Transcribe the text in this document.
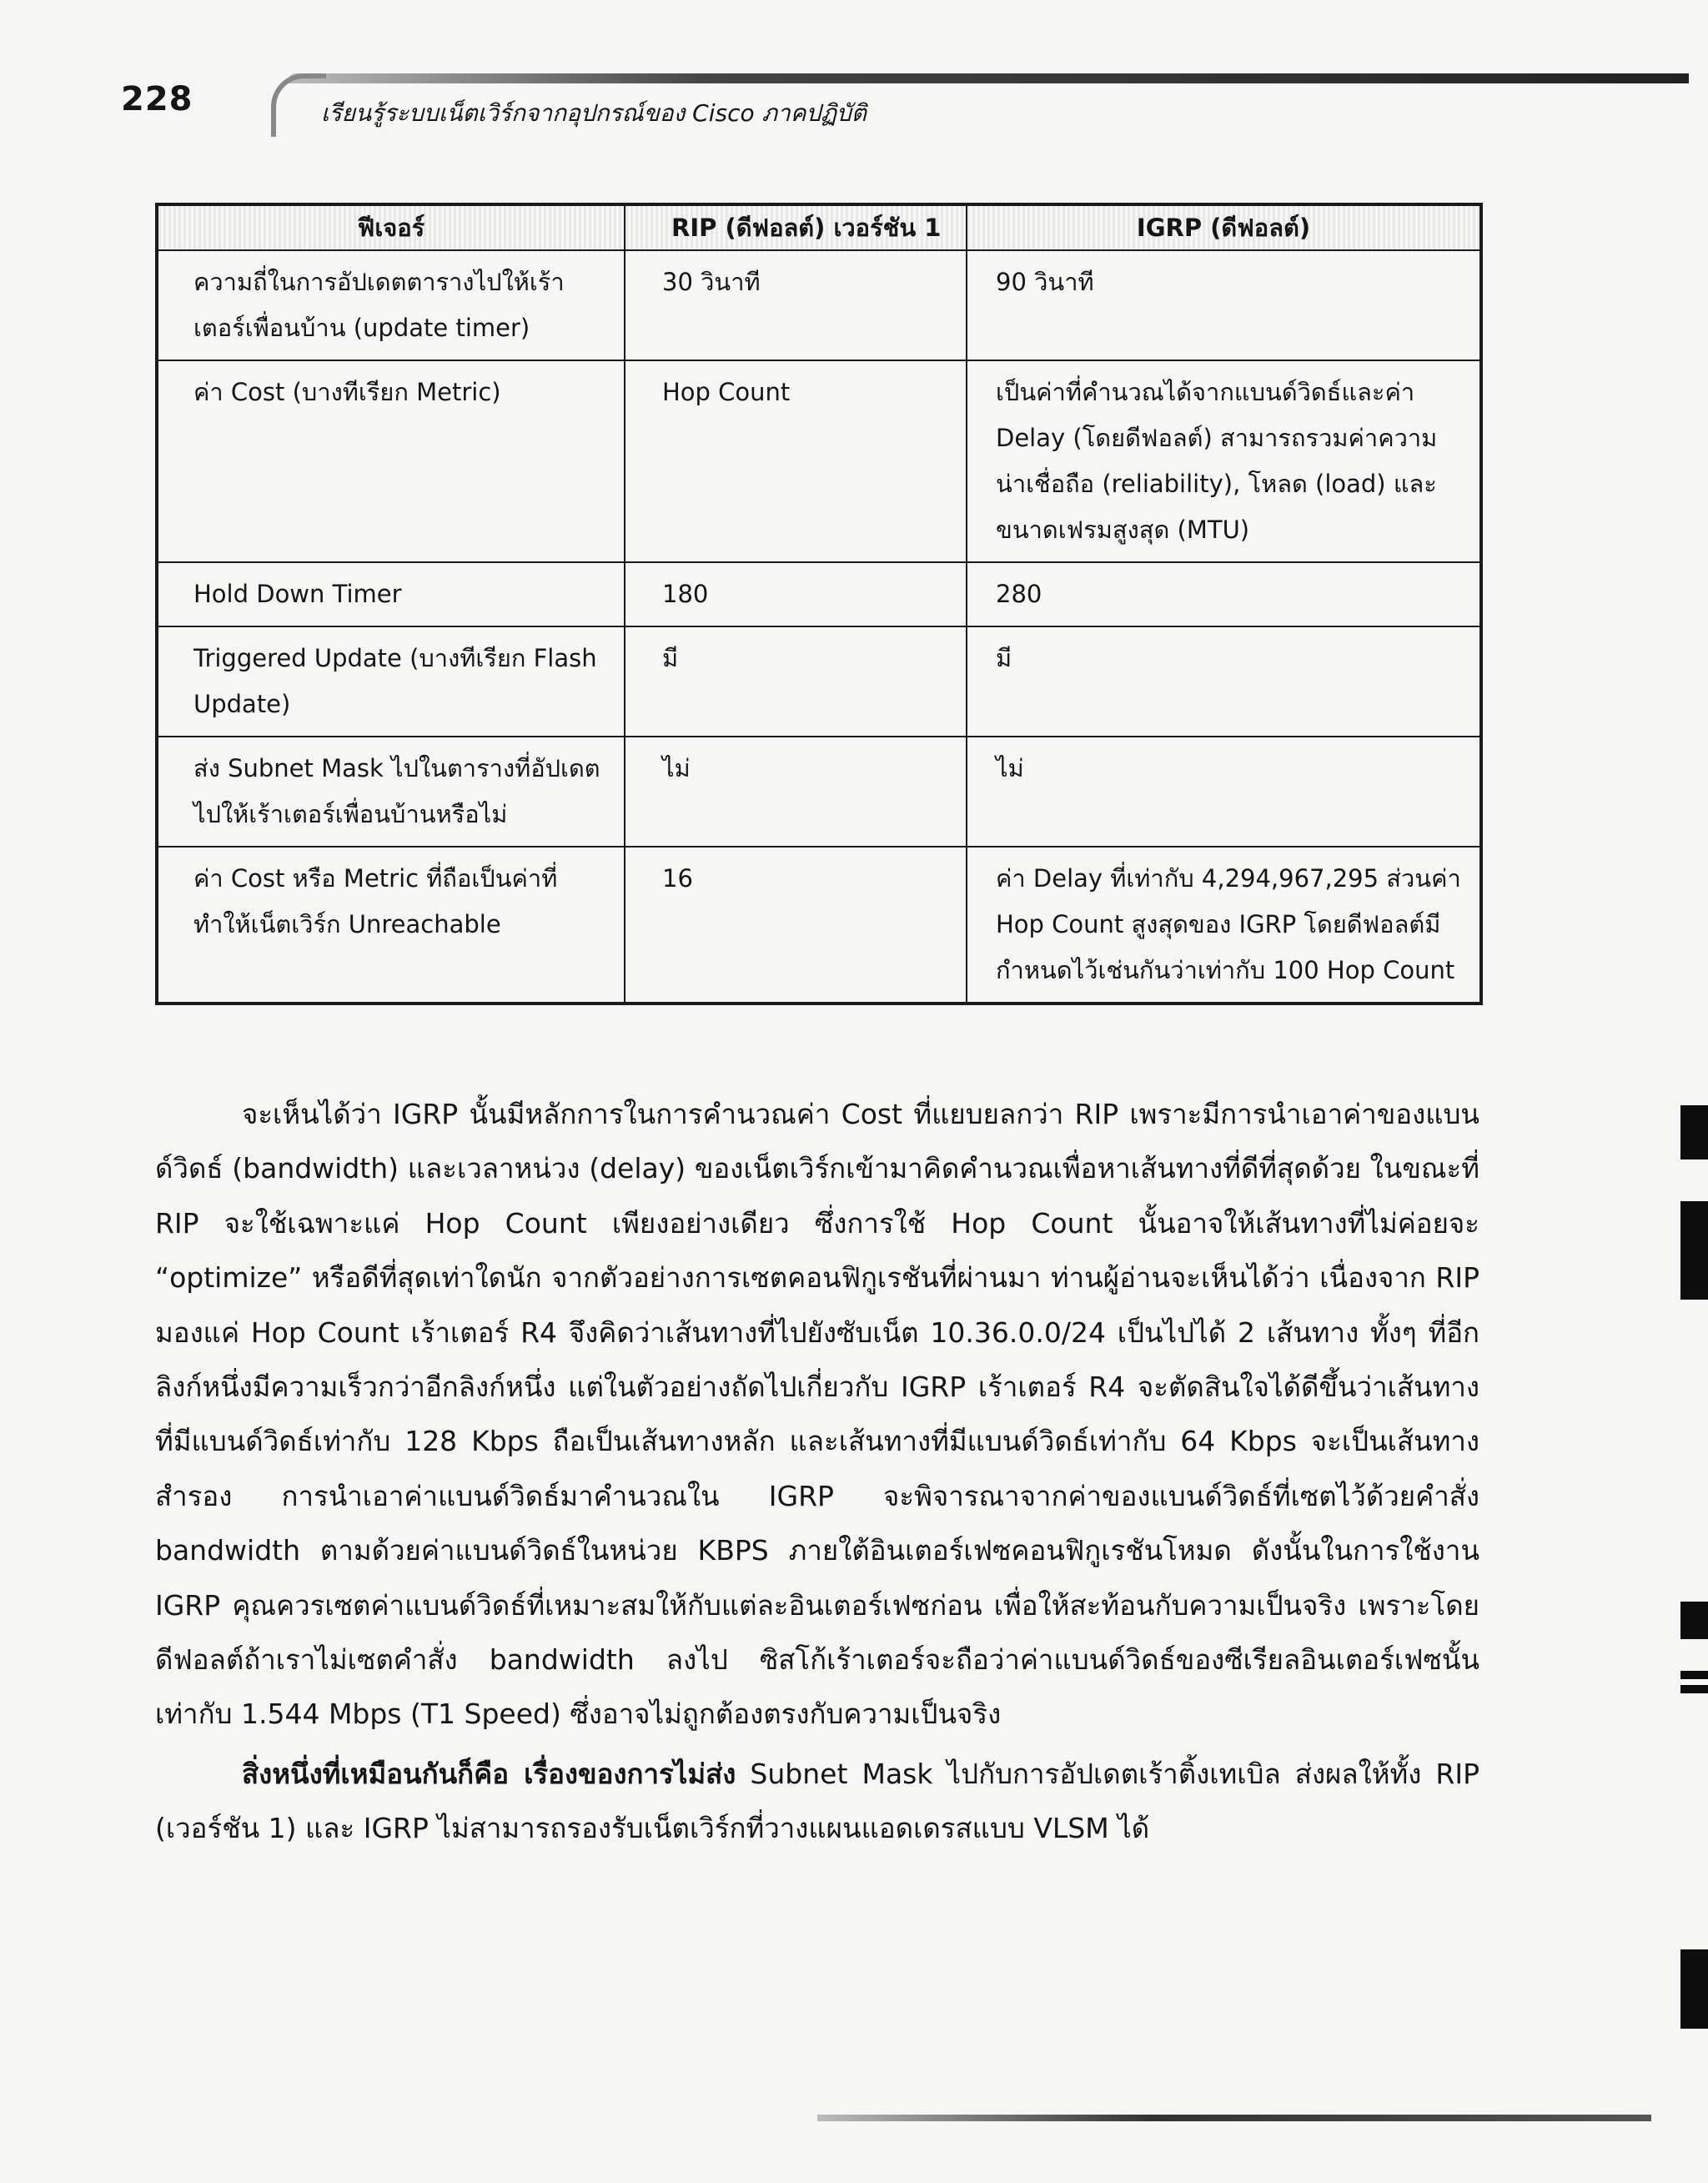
228	เรียนรู้ระบบเน็ตเวิร์กจากอุปกรณ์ของ Cisco ภาคปฏิบัติ
ฟีเจอร์	RIP (ดีฟอลต์) เวอร์ชัน 1	IGRP (ดีฟอลต์)
ความถี่ในการอัปเดตตารางไปให้เร้าเตอร์เพื่อนบ้าน (update timer)	30 วินาที	90 วินาที
ค่า Cost (บางทีเรียก Metric)	Hop Count	เป็นค่าที่คำนวณได้จากแบนด์วิดธ์และค่า Delay (โดยดีฟอลต์) สามารถรวมค่าความน่าเชื่อถือ (reliability), โหลด (load) และขนาดเฟรมสูงสุด (MTU)
Hold Down Timer	180	280
Triggered Update (บางทีเรียก Flash Update)	มี	มี
ส่ง Subnet Mask ไปในตารางที่อัปเดตไปให้เร้าเตอร์เพื่อนบ้านหรือไม่	ไม่	ไม่
ค่า Cost หรือ Metric ที่ถือเป็นค่าที่ทำให้เน็ตเวิร์ก Unreachable	16	ค่า Delay ที่เท่ากับ 4,294,967,295 ส่วนค่า Hop Count สูงสุดของ IGRP โดยดีฟอลต์มีกำหนดไว้เช่นกันว่าเท่ากับ 100 Hop Count

จะเห็นได้ว่า IGRP นั้นมีหลักการในการคำนวณค่า Cost ที่แยบยลกว่า RIP เพราะมีการนำเอาค่าของแบนด์วิดธ์ (bandwidth) และเวลาหน่วง (delay) ของเน็ตเวิร์กเข้ามาคิดคำนวณเพื่อหาเส้นทางที่ดีที่สุดด้วย ในขณะที่ RIP จะใช้เฉพาะแค่ Hop Count เพียงอย่างเดียว ซึ่งการใช้ Hop Count นั้นอาจให้เส้นทางที่ไม่ค่อยจะ “optimize” หรือดีที่สุดเท่าใดนัก จากตัวอย่างการเซตคอนฟิกูเรชันที่ผ่านมา ท่านผู้อ่านจะเห็นได้ว่า เนื่องจาก RIP มองแค่ Hop Count เร้าเตอร์ R4 จึงคิดว่าเส้นทางที่ไปยังซับเน็ต 10.36.0.0/24 เป็นไปได้ 2 เส้นทาง ทั้งๆ ที่อีกลิงก์หนึ่งมีความเร็วกว่าอีกลิงก์หนึ่ง แต่ในตัวอย่างถัดไปเกี่ยวกับ IGRP เร้าเตอร์ R4 จะตัดสินใจได้ดีขึ้นว่าเส้นทางที่มีแบนด์วิดธ์เท่ากับ 128 Kbps ถือเป็นเส้นทางหลัก และเส้นทางที่มีแบนด์วิดธ์เท่ากับ 64 Kbps จะเป็นเส้นทางสำรอง การนำเอาค่าแบนด์วิดธ์มาคำนวณใน IGRP จะพิจารณาจากค่าของแบนด์วิดธ์ที่เซตไว้ด้วยคำสั่ง bandwidth ตามด้วยค่าแบนด์วิดธ์ในหน่วย KBPS ภายใต้อินเตอร์เฟซคอนฟิกูเรชันโหมด ดังนั้นในการใช้งาน IGRP คุณควรเซตค่าแบนด์วิดธ์ที่เหมาะสมให้กับแต่ละอินเตอร์เฟซก่อน เพื่อให้สะท้อนกับความเป็นจริง เพราะโดยดีฟอลต์ถ้าเราไม่เซตคำสั่ง bandwidth ลงไป ซิสโก้เร้าเตอร์จะถือว่าค่าแบนด์วิดธ์ของซีเรียลอินเตอร์เฟซนั้นเท่ากับ 1.544 Mbps (T1 Speed) ซึ่งอาจไม่ถูกต้องตรงกับความเป็นจริง

สิ่งหนึ่งที่เหมือนกันก็คือ เรื่องของการไม่ส่ง Subnet Mask ไปกับการอัปเดตเร้าติ้งเทเบิล ส่งผลให้ทั้ง RIP (เวอร์ชัน 1) และ IGRP ไม่สามารถรองรับเน็ตเวิร์กที่วางแผนแอดเดรสแบบ VLSM ได้
